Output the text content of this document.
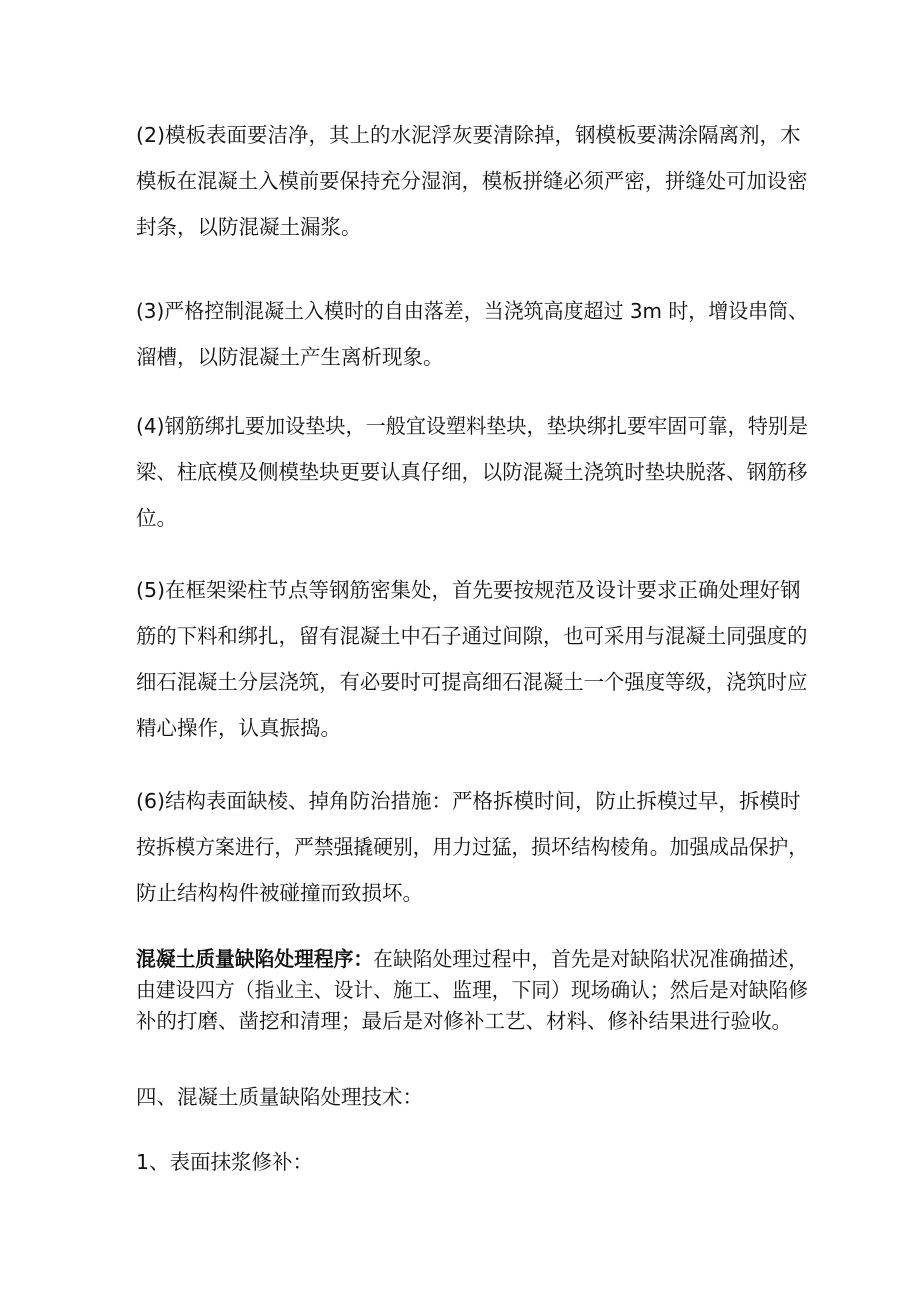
(2)模板表面要洁净，其上的水泥浮灰要清除掉，钢模板要满涂隔离剂，木
模板在混凝土入模前要保持充分湿润，模板拼缝必须严密，拼缝处可加设密
封条，以防混凝土漏浆。

(3)严格控制混凝土入模时的自由落差，当浇筑高度超过 3m 时，增设串筒、
溜槽，以防混凝土产生离析现象。

(4)钢筋绑扎要加设垫块，一般宜设塑料垫块，垫块绑扎要牢固可靠，特别是
梁、柱底模及侧模垫块更要认真仔细，以防混凝土浇筑时垫块脱落、钢筋移
位。

(5)在框架梁柱节点等钢筋密集处，首先要按规范及设计要求正确处理好钢
筋的下料和绑扎，留有混凝土中石子通过间隙，也可采用与混凝土同强度的
细石混凝土分层浇筑，有必要时可提高细石混凝土一个强度等级，浇筑时应
精心操作，认真振捣。

(6)结构表面缺棱、掉角防治措施：严格拆模时间，防止拆模过早，拆模时
按拆模方案进行，严禁强撬硬别，用力过猛，损坏结构棱角。加强成品保护，
防止结构构件被碰撞而致损坏。

混凝土质量缺陷处理程序：在缺陷处理过程中，首先是对缺陷状况准确描述，
由建设四方（指业主、设计、施工、监理，下同）现场确认；然后是对缺陷修
补的打磨、凿挖和清理；最后是对修补工艺、材料、修补结果进行验收。

四、混凝土质量缺陷处理技术：

1、表面抹浆修补：
